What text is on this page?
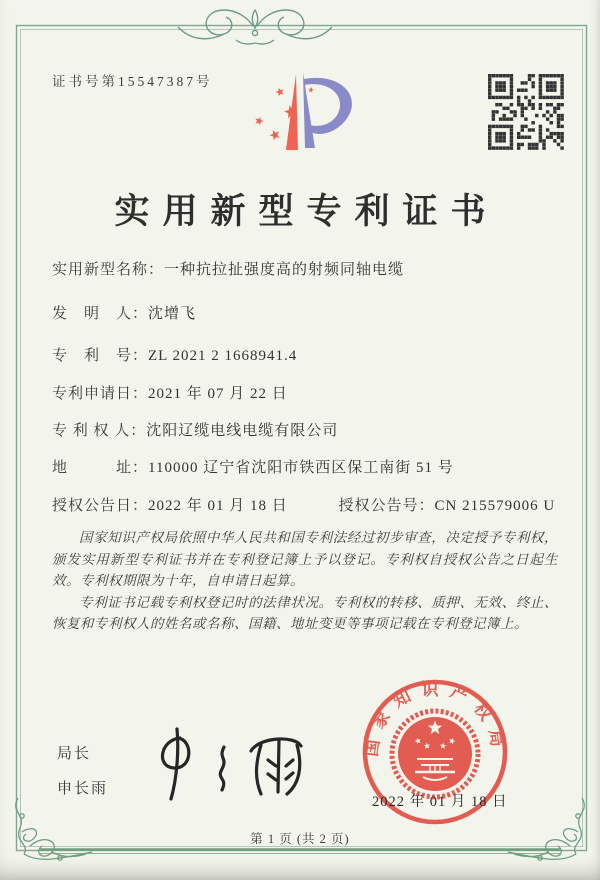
证书号第15547387号
实用新型专利证书
实用新型名称：一种抗拉扯强度高的射频同轴电缆
发　明　人：沈增飞
专　利　号：ZL 2021 2 1668941.4
专利申请日：2021 年 07 月 22 日
专 利 权 人：沈阳辽缆电线电缆有限公司
地　　　址：110000 辽宁省沈阳市铁西区保工南街 51 号
授权公告日：2022 年 01 月 18 日	授权公告号：CN 215579006 U

国家知识产权局依照中华人民共和国专利法经过初步审查，决定授予专利权，颁发实用新型专利证书并在专利登记簿上予以登记。专利权自授权公告之日起生效。专利权期限为十年，自申请日起算。

专利证书记载专利权登记时的法律状况。专利权的转移、质押、无效、终止、恢复和专利权人的姓名或名称、国籍、地址变更等事项记载在专利登记簿上。

局长
申长雨
国家知识产权局
2022 年 01 月 18 日
第 1 页 (共 2 页)
